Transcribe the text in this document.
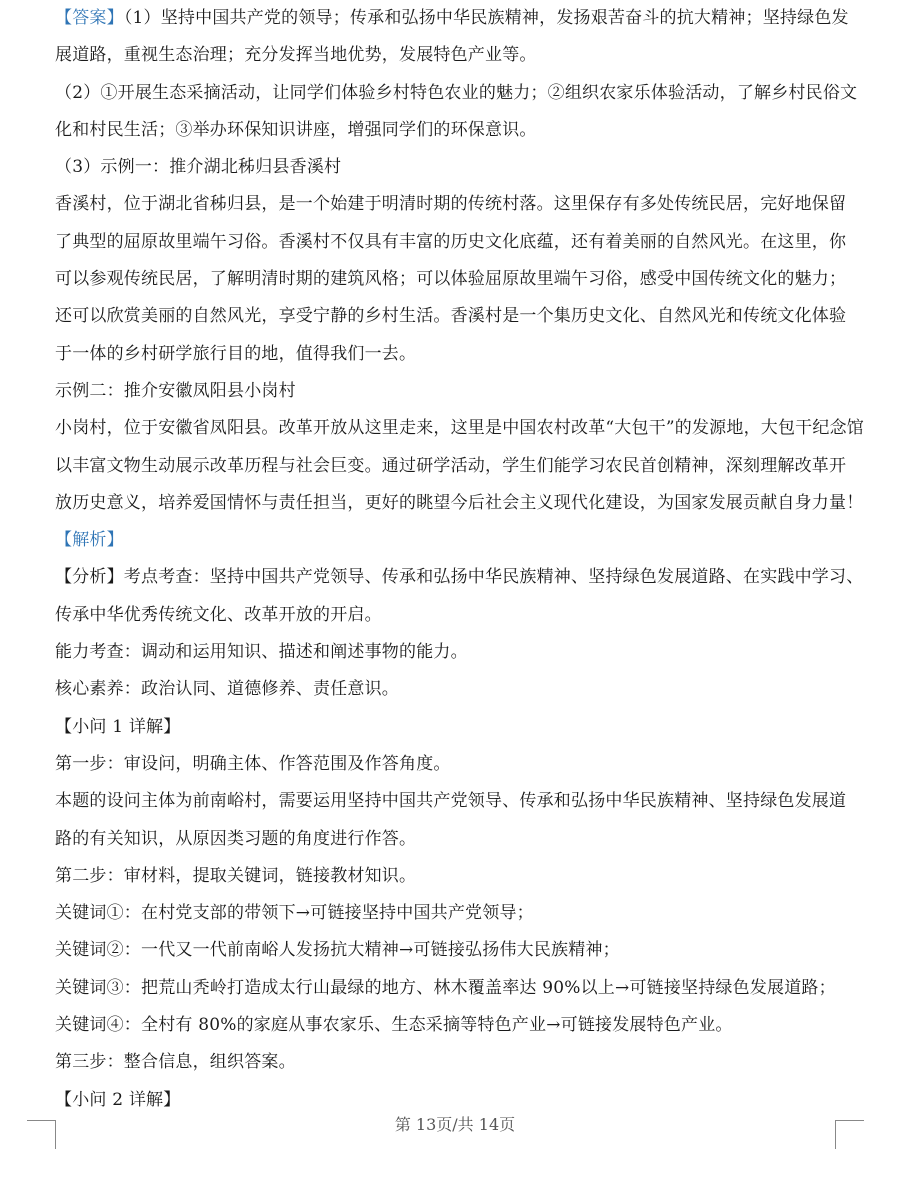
【答案】（1）坚持中国共产党的领导；传承和弘扬中华民族精神，发扬艰苦奋斗的抗大精神；坚持绿色发
展道路，重视生态治理；充分发挥当地优势，发展特色产业等。

（2）①开展生态采摘活动，让同学们体验乡村特色农业的魅力；②组织农家乐体验活动，了解乡村民俗文
化和村民生活；③举办环保知识讲座，增强同学们的环保意识。

（3）示例一：推介湖北秭归县香溪村
香溪村，位于湖北省秭归县，是一个始建于明清时期的传统村落。这里保存有多处传统民居，完好地保留
了典型的屈原故里端午习俗。香溪村不仅具有丰富的历史文化底蕴，还有着美丽的自然风光。在这里，你
可以参观传统民居，了解明清时期的建筑风格；可以体验屈原故里端午习俗，感受中国传统文化的魅力；
还可以欣赏美丽的自然风光，享受宁静的乡村生活。香溪村是一个集历史文化、自然风光和传统文化体验
于一体的乡村研学旅行目的地，值得我们一去。

示例二：推介安徽凤阳县小岗村
小岗村，位于安徽省凤阳县。改革开放从这里走来，这里是中国农村改革“大包干”的发源地，大包干纪念馆
以丰富文物生动展示改革历程与社会巨变。通过研学活动，学生们能学习农民首创精神，深刻理解改革开
放历史意义，培养爱国情怀与责任担当，更好的眺望今后社会主义现代化建设，为国家发展贡献自身力量！

【解析】
【分析】考点考查：坚持中国共产党领导、传承和弘扬中华民族精神、坚持绿色发展道路、在实践中学习、
传承中华优秀传统文化、改革开放的开启。
能力考查：调动和运用知识、描述和阐述事物的能力。
核心素养：政治认同、道德修养、责任意识。
【小问 1 详解】
第一步：审设问，明确主体、作答范围及作答角度。
本题的设问主体为前南峪村，需要运用坚持中国共产党领导、传承和弘扬中华民族精神、坚持绿色发展道
路的有关知识，从原因类习题的角度进行作答。
第二步：审材料，提取关键词，链接教材知识。
关键词①：在村党支部的带领下→可链接坚持中国共产党领导；
关键词②：一代又一代前南峪人发扬抗大精神→可链接弘扬伟大民族精神；
关键词③：把荒山秃岭打造成太行山最绿的地方、林木覆盖率达 90%以上→可链接坚持绿色发展道路；
关键词④：全村有 80%的家庭从事农家乐、生态采摘等特色产业→可链接发展特色产业。
第三步：整合信息，组织答案。
【小问 2 详解】

第 13页/共 14页
